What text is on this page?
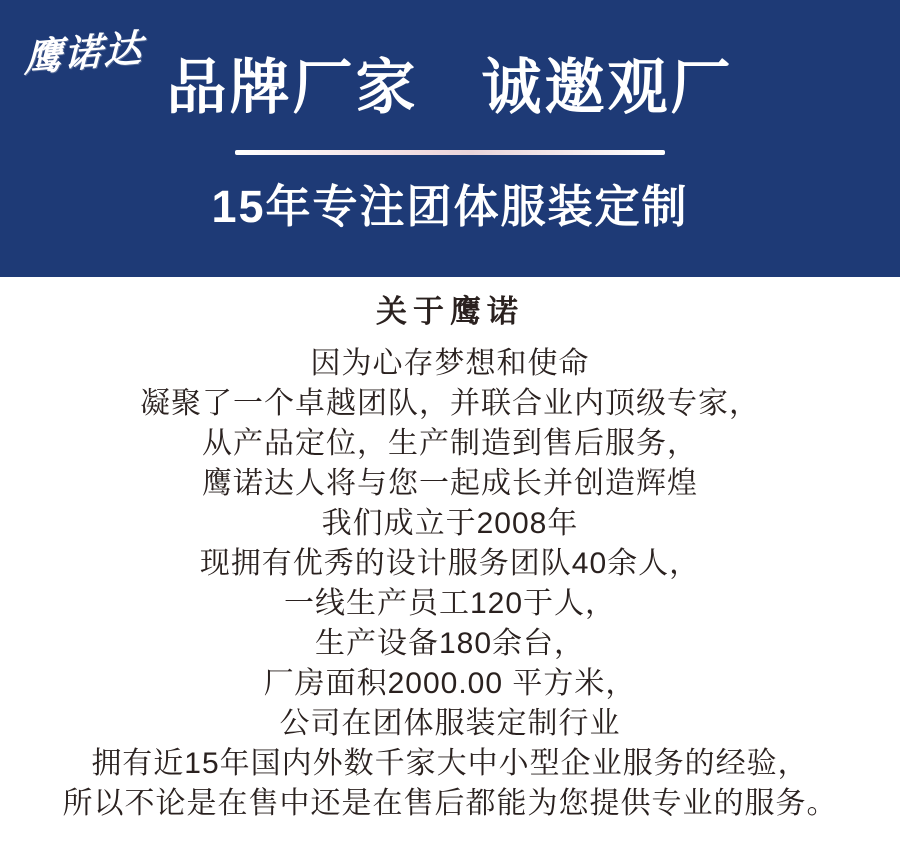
鹰诺达 品牌厂家　诚邀观厂
15年专注团体服装定制
关于鹰诺
因为心存梦想和使命
凝聚了一个卓越团队，并联合业内顶级专家，
从产品定位，生产制造到售后服务，
鹰诺达人将与您一起成长并创造辉煌
我们成立于2008年
现拥有优秀的设计服务团队40余人，
一线生产员工120于人，
生产设备180余台，
厂房面积2000.00 平方米，
公司在团体服装定制行业
拥有近15年国内外数千家大中小型企业服务的经验，
所以不论是在售中还是在售后都能为您提供专业的服务。
